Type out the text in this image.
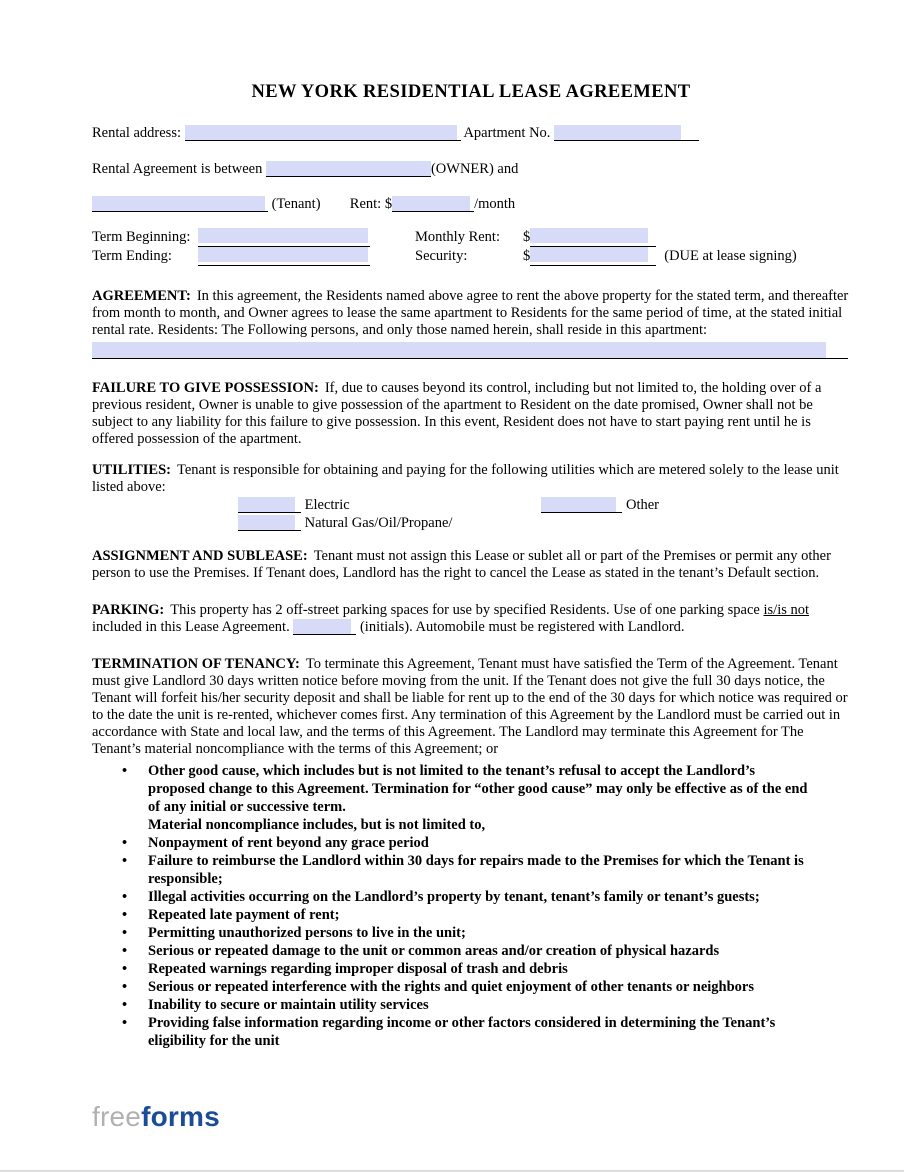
NEW YORK RESIDENTIAL LEASE AGREEMENT
Rental address:	Apartment No.
Rental Agreement is between	(OWNER) and
(Tenant) Rent: $	/month
Term Beginning:	Monthly Rent:	$
Term Ending:	Security:	$	(DUE at lease signing)

AGREEMENT: In this agreement, the Residents named above agree to rent the above property for the stated term, and thereafter from month to month, and Owner agrees to lease the same apartment to Residents for the same period of time, at the stated initial rental rate. Residents: The Following persons, and only those named herein, shall reside in this apartment:

FAILURE TO GIVE POSSESSION: If, due to causes beyond its control, including but not limited to, the holding over of a previous resident, Owner is unable to give possession of the apartment to Resident on the date promised, Owner shall not be subject to any liability for this failure to give possession. In this event, Resident does not have to start paying rent until he is offered possession of the apartment.

UTILITIES: Tenant is responsible for obtaining and paying for the following utilities which are metered solely to the lease unit listed above:

Electric	Other
Natural Gas/Oil/Propane/

ASSIGNMENT AND SUBLEASE: Tenant must not assign this Lease or sublet all or part of the Premises or permit any other person to use the Premises. If Tenant does, Landlord has the right to cancel the Lease as stated in the tenant’s Default section.

PARKING: This property has 2 off-street parking spaces for use by specified Residents. Use of one parking space is/is not included in this Lease Agreement.	(initials). Automobile must be registered with Landlord.

TERMINATION OF TENANCY: To terminate this Agreement, Tenant must have satisfied the Term of the Agreement. Tenant must give Landlord 30 days written notice before moving from the unit. If the Tenant does not give the full 30 days notice, the Tenant will forfeit his/her security deposit and shall be liable for rent up to the end of the 30 days for which notice was required or to the date the unit is re-rented, whichever comes first. Any termination of this Agreement by the Landlord must be carried out in accordance with State and local law, and the terms of this Agreement. The Landlord may terminate this Agreement for The Tenant’s material noncompliance with the terms of this Agreement; or

• Other good cause, which includes but is not limited to the tenant’s refusal to accept the Landlord’s proposed change to this Agreement. Termination for “other good cause” may only be effective as of the end of any initial or successive term.
Material noncompliance includes, but is not limited to,
• Nonpayment of rent beyond any grace period
• Failure to reimburse the Landlord within 30 days for repairs made to the Premises for which the Tenant is responsible;
• Illegal activities occurring on the Landlord’s property by tenant, tenant’s family or tenant’s guests;
• Repeated late payment of rent;
• Permitting unauthorized persons to live in the unit;
• Serious or repeated damage to the unit or common areas and/or creation of physical hazards
• Repeated warnings regarding improper disposal of trash and debris
• Serious or repeated interference with the rights and quiet enjoyment of other tenants or neighbors
• Inability to secure or maintain utility services
• Providing false information regarding income or other factors considered in determining the Tenant’s eligibility for the unit
freeforms
